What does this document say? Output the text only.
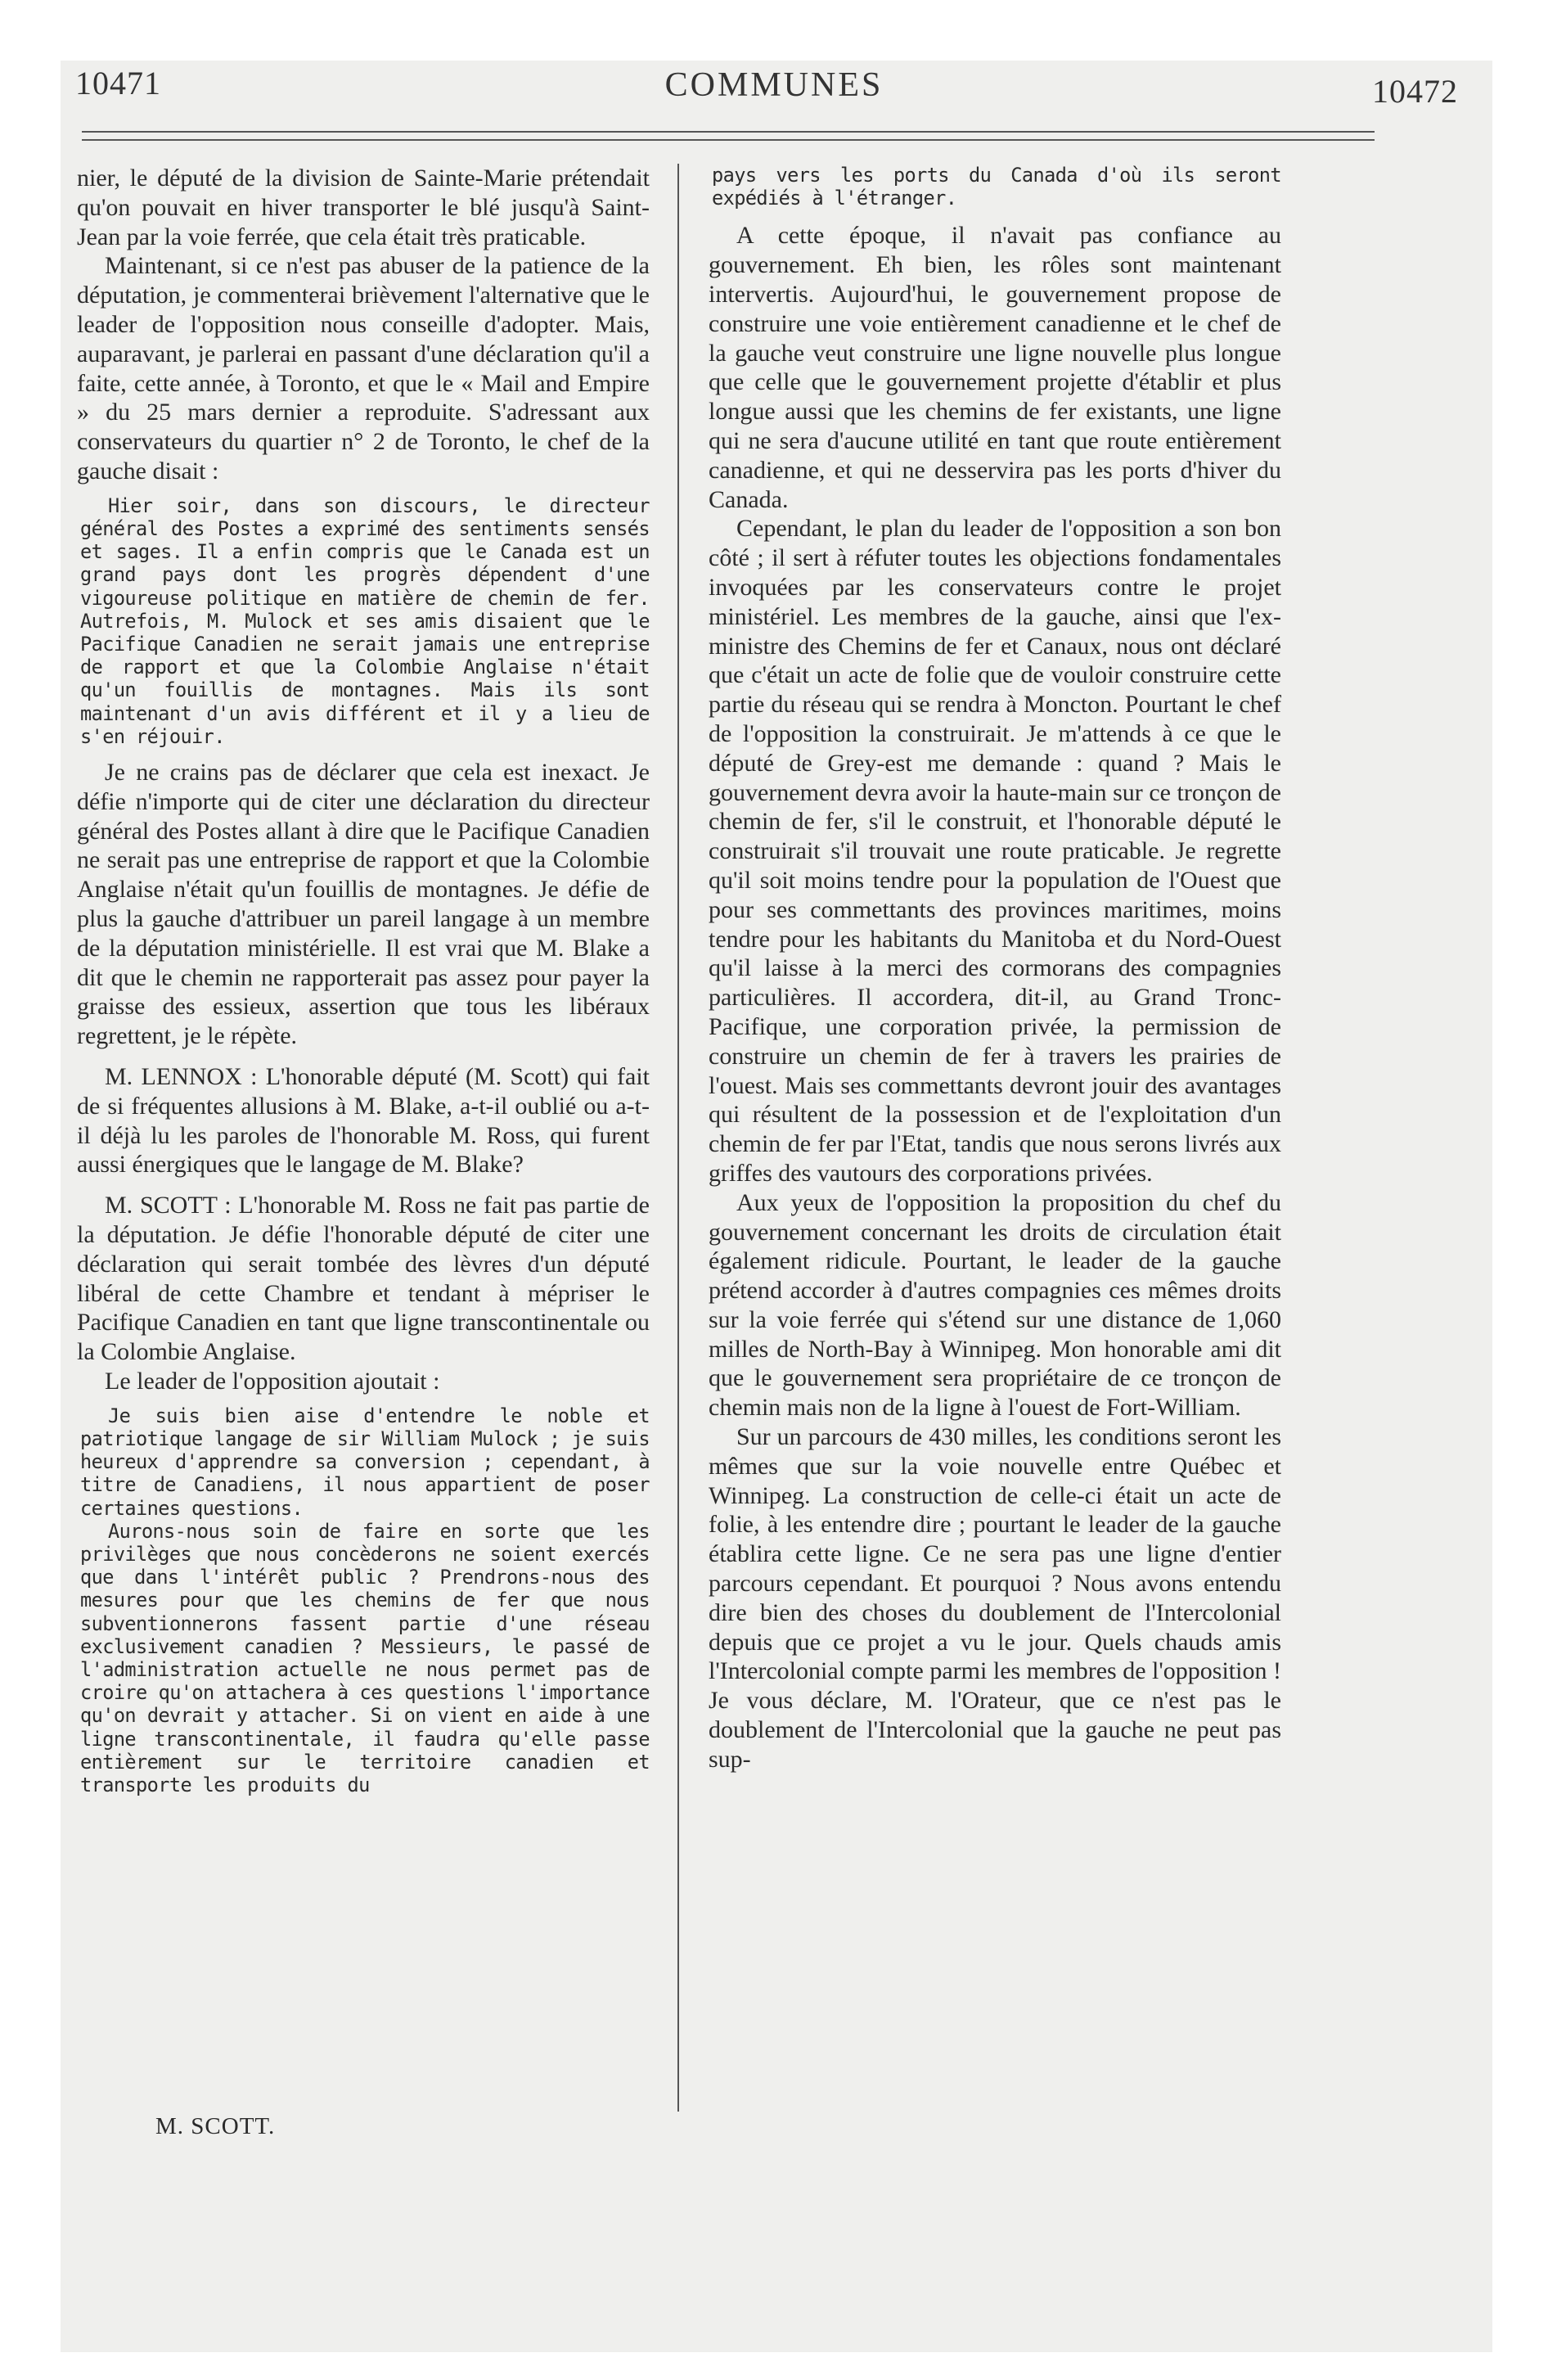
10471	COMMUNES	10472

nier, le député de la division de Sainte-Marie prétendait qu'on pouvait en hiver transporter le blé jusqu'à Saint-Jean par la voie ferrée, que cela était très praticable.

Maintenant, si ce n'est pas abuser de la patience de la députation, je commenterai brièvement l'alternative que le leader de l'opposition nous conseille d'adopter. Mais, auparavant, je parlerai en passant d'une déclaration qu'il a faite, cette année, à Toronto, et que le « Mail and Empire » du 25 mars dernier a reproduite. S'adressant aux conservateurs du quartier n° 2 de Toronto, le chef de la gauche disait :

Hier soir, dans son discours, le directeur général des Postes a exprimé des sentiments sensés et sages. Il a enfin compris que le Canada est un grand pays dont les progrès dépendent d'une vigoureuse politique en matière de chemin de fer. Autrefois, M. Mulock et ses amis disaient que le Pacifique Canadien ne serait jamais une entreprise de rapport et que la Colombie Anglaise n'était qu'un fouillis de montagnes. Mais ils sont maintenant d'un avis différent et il y a lieu de s'en réjouir.

Je ne crains pas de déclarer que cela est inexact. Je défie n'importe qui de citer une déclaration du directeur général des Postes allant à dire que le Pacifique Canadien ne serait pas une entreprise de rapport et que la Colombie Anglaise n'était qu'un fouillis de montagnes. Je défie de plus la gauche d'attribuer un pareil langage à un membre de la députation ministérielle. Il est vrai que M. Blake a dit que le chemin ne rapporterait pas assez pour payer la graisse des essieux, assertion que tous les libéraux regrettent, je le répète.

M. LENNOX : L'honorable député (M. Scott) qui fait de si fréquentes allusions à M. Blake, a-t-il oublié ou a-t-il déjà lu les paroles de l'honorable M. Ross, qui furent aussi énergiques que le langage de M. Blake?

M. SCOTT : L'honorable M. Ross ne fait pas partie de la députation. Je défie l'honorable député de citer une déclaration qui serait tombée des lèvres d'un député libéral de cette Chambre et tendant à mépriser le Pacifique Canadien en tant que ligne transcontinentale ou la Colombie Anglaise.

Le leader de l'opposition ajoutait :

Je suis bien aise d'entendre le noble et patriotique langage de sir William Mulock ; je suis heureux d'apprendre sa conversion ; cependant, à titre de Canadiens, il nous appartient de poser certaines questions.

Aurons-nous soin de faire en sorte que les privilèges que nous concèderons ne soient exercés que dans l'intérêt public ? Prendrons-nous des mesures pour que les chemins de fer que nous subventionnerons fassent partie d'une réseau exclusivement canadien ? Messieurs, le passé de l'administration actuelle ne nous permet pas de croire qu'on attachera à ces questions l'importance qu'on devrait y attacher. Si on vient en aide à une ligne transcontinentale, il faudra qu'elle passe entièrement sur le territoire canadien et transporte les produits du

pays vers les ports du Canada d'où ils seront expédiés à l'étranger.

A cette époque, il n'avait pas confiance au gouvernement. Eh bien, les rôles sont maintenant intervertis. Aujourd'hui, le gouvernement propose de construire une voie entièrement canadienne et le chef de la gauche veut construire une ligne nouvelle plus longue que celle que le gouvernement projette d'établir et plus longue aussi que les chemins de fer existants, une ligne qui ne sera d'aucune utilité en tant que route entièrement canadienne, et qui ne desservira pas les ports d'hiver du Canada.

Cependant, le plan du leader de l'opposition a son bon côté ; il sert à réfuter toutes les objections fondamentales invoquées par les conservateurs contre le projet ministériel. Les membres de la gauche, ainsi que l'ex-ministre des Chemins de fer et Canaux, nous ont déclaré que c'était un acte de folie que de vouloir construire cette partie du réseau qui se rendra à Moncton. Pourtant le chef de l'opposition la construirait. Je m'attends à ce que le député de Grey-est me demande : quand ? Mais le gouvernement devra avoir la haute-main sur ce tronçon de chemin de fer, s'il le construit, et l'honorable député le construirait s'il trouvait une route praticable. Je regrette qu'il soit moins tendre pour la population de l'Ouest que pour ses commettants des provinces maritimes, moins tendre pour les habitants du Manitoba et du Nord-Ouest qu'il laisse à la merci des cormorans des compagnies particulières. Il accordera, dit-il, au Grand Tronc-Pacifique, une corporation privée, la permission de construire un chemin de fer à travers les prairies de l'ouest. Mais ses commettants devront jouir des avantages qui résultent de la possession et de l'exploitation d'un chemin de fer par l'Etat, tandis que nous serons livrés aux griffes des vautours des corporations privées.

Aux yeux de l'opposition la proposition du chef du gouvernement concernant les droits de circulation était également ridicule. Pourtant, le leader de la gauche prétend accorder à d'autres compagnies ces mêmes droits sur la voie ferrée qui s'étend sur une distance de 1,060 milles de North-Bay à Winnipeg. Mon honorable ami dit que le gouvernement sera propriétaire de ce tronçon de chemin mais non de la ligne à l'ouest de Fort-William.

Sur un parcours de 430 milles, les conditions seront les mêmes que sur la voie nouvelle entre Québec et Winnipeg. La construction de celle-ci était un acte de folie, à les entendre dire ; pourtant le leader de la gauche établira cette ligne. Ce ne sera pas une ligne d'entier parcours cependant. Et pourquoi ? Nous avons entendu dire bien des choses du doublement de l'Intercolonial depuis que ce projet a vu le jour. Quels chauds amis l'Intercolonial compte parmi les membres de l'opposition ! Je vous déclare, M. l'Orateur, que ce n'est pas le doublement de l'Intercolonial que la gauche ne peut pas sup-

M. SCOTT.
